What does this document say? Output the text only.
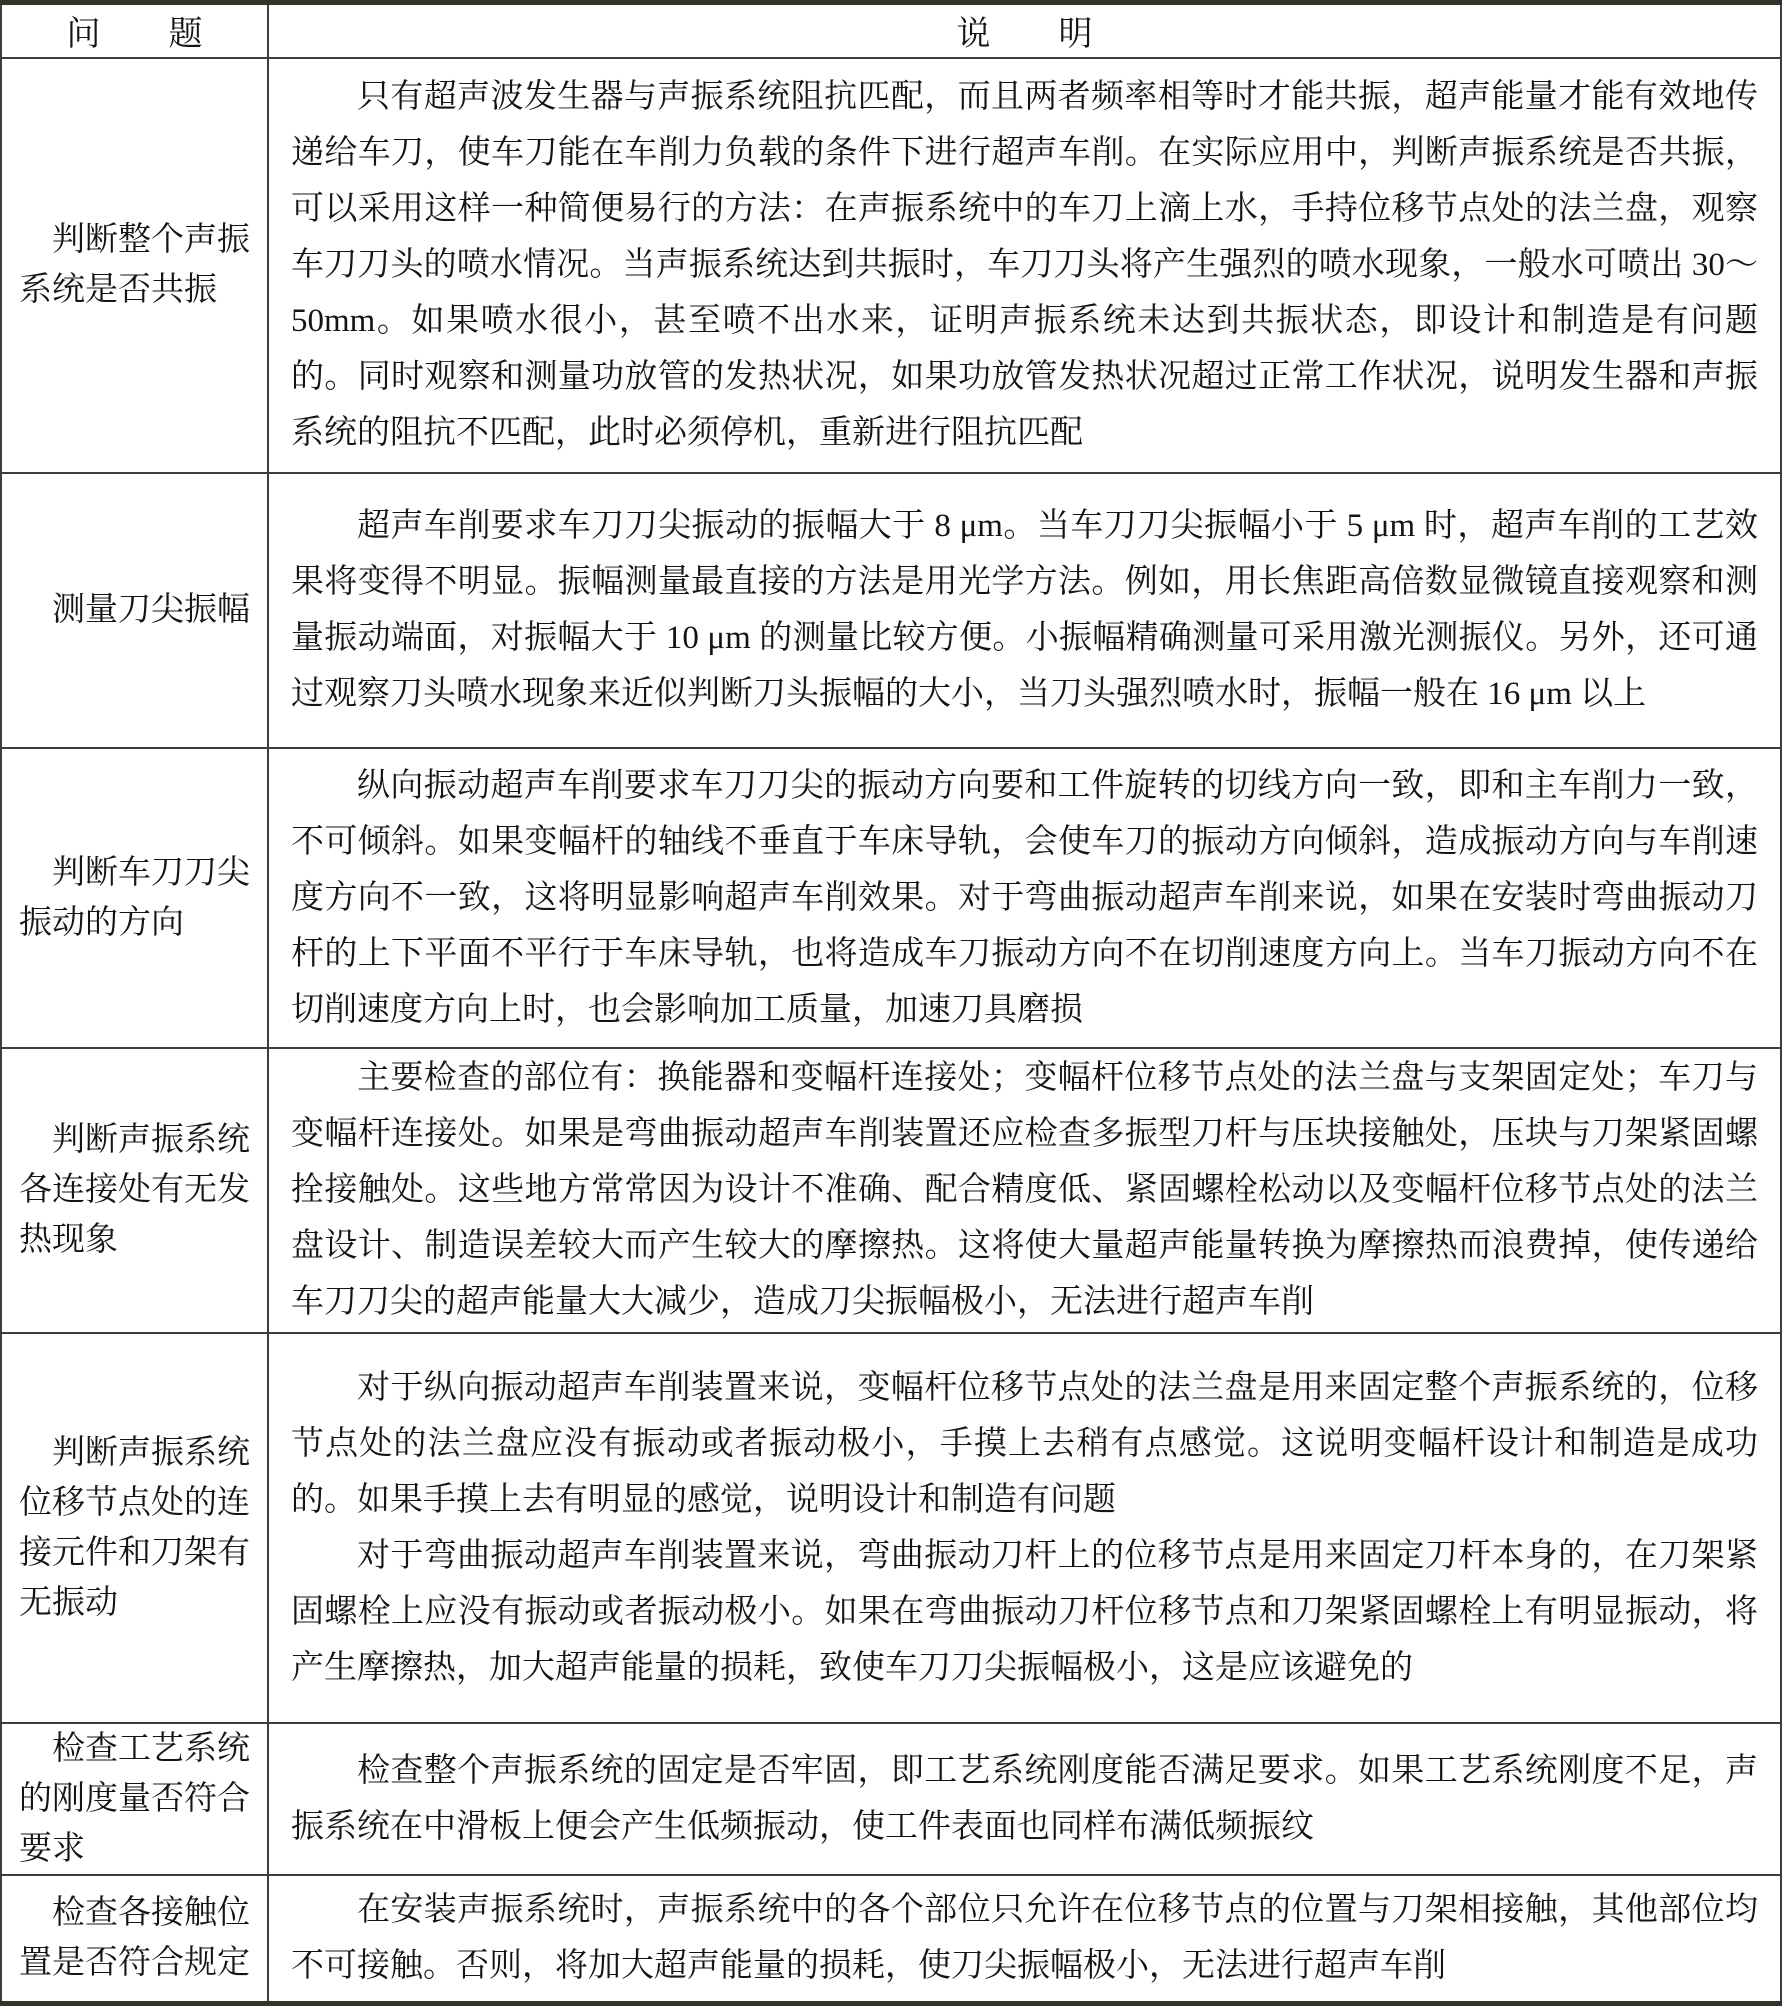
问　　题	说　　明

判断整个声振系统是否共振	只有超声波发生器与声振系统阻抗匹配，而且两者频率相等时才能共振，超声能量才能有效地传递给车刀，使车刀能在车削力负载的条件下进行超声车削。在实际应用中，判断声振系统是否共振，可以采用这样一种简便易行的方法：在声振系统中的车刀上滴上水，手持位移节点处的法兰盘，观察车刀刀头的喷水情况。当声振系统达到共振时，车刀刀头将产生强烈的喷水现象，一般水可喷出 30～50mm。如果喷水很小，甚至喷不出水来，证明声振系统未达到共振状态，即设计和制造是有问题的。同时观察和测量功放管的发热状况，如果功放管发热状况超过正常工作状况，说明发生器和声振系统的阻抗不匹配，此时必须停机，重新进行阻抗匹配

测量刀尖振幅	超声车削要求车刀刀尖振动的振幅大于 8 μm。当车刀刀尖振幅小于 5 μm 时，超声车削的工艺效果将变得不明显。振幅测量最直接的方法是用光学方法。例如，用长焦距高倍数显微镜直接观察和测量振动端面，对振幅大于 10 μm 的测量比较方便。小振幅精确测量可采用激光测振仪。另外，还可通过观察刀头喷水现象来近似判断刀头振幅的大小，当刀头强烈喷水时，振幅一般在 16 μm 以上

判断车刀刀尖振动的方向	纵向振动超声车削要求车刀刀尖的振动方向要和工件旋转的切线方向一致，即和主车削力一致，不可倾斜。如果变幅杆的轴线不垂直于车床导轨，会使车刀的振动方向倾斜，造成振动方向与车削速度方向不一致，这将明显影响超声车削效果。对于弯曲振动超声车削来说，如果在安装时弯曲振动刀杆的上下平面不平行于车床导轨，也将造成车刀振动方向不在切削速度方向上。当车刀振动方向不在切削速度方向上时，也会影响加工质量，加速刀具磨损

判断声振系统各连接处有无发热现象	主要检查的部位有：换能器和变幅杆连接处；变幅杆位移节点处的法兰盘与支架固定处；车刀与变幅杆连接处。如果是弯曲振动超声车削装置还应检查多振型刀杆与压块接触处，压块与刀架紧固螺拴接触处。这些地方常常因为设计不准确、配合精度低、紧固螺栓松动以及变幅杆位移节点处的法兰盘设计、制造误差较大而产生较大的摩擦热。这将使大量超声能量转换为摩擦热而浪费掉，使传递给车刀刀尖的超声能量大大减少，造成刀尖振幅极小，无法进行超声车削

判断声振系统位移节点处的连接元件和刀架有无振动	对于纵向振动超声车削装置来说，变幅杆位移节点处的法兰盘是用来固定整个声振系统的，位移节点处的法兰盘应没有振动或者振动极小，手摸上去稍有点感觉。这说明变幅杆设计和制造是成功的。如果手摸上去有明显的感觉，说明设计和制造有问题

对于弯曲振动超声车削装置来说，弯曲振动刀杆上的位移节点是用来固定刀杆本身的，在刀架紧固螺栓上应没有振动或者振动极小。如果在弯曲振动刀杆位移节点和刀架紧固螺栓上有明显振动，将产生摩擦热，加大超声能量的损耗，致使车刀刀尖振幅极小，这是应该避免的

检查工艺系统的刚度量否符合要求	检查整个声振系统的固定是否牢固，即工艺系统刚度能否满足要求。如果工艺系统刚度不足，声振系统在中滑板上便会产生低频振动，使工件表面也同样布满低频振纹

检查各接触位置是否符合规定	在安装声振系统时，声振系统中的各个部位只允许在位移节点的位置与刀架相接触，其他部位均不可接触。否则，将加大超声能量的损耗，使刀尖振幅极小，无法进行超声车削
